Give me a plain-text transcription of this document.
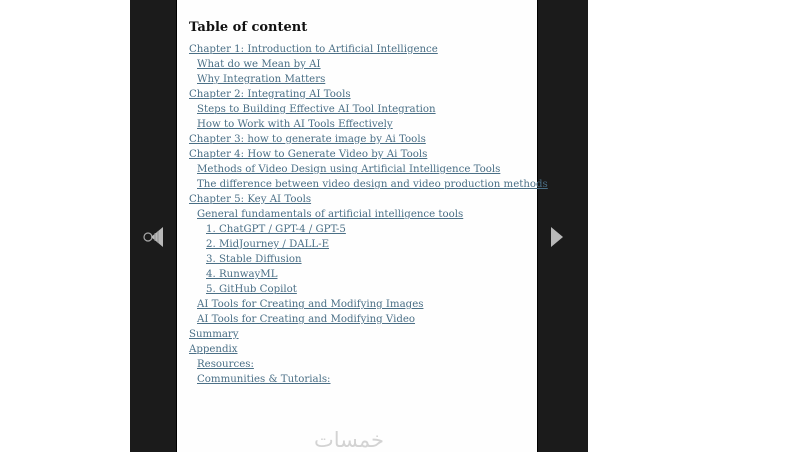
Table of content
Chapter 1: Introduction to Artificial Intelligence
What do we Mean by AI
Why Integration Matters
Chapter 2: Integrating AI Tools
Steps to Building Effective AI Tool Integration
How to Work with AI Tools Effectively
Chapter 3: how to generate image by Ai Tools
Chapter 4: How to Generate Video by Ai Tools
Methods of Video Design using Artificial Intelligence Tools
The difference between video design and video production methods
Chapter 5: Key AI Tools
General fundamentals of artificial intelligence tools
1. ChatGPT / GPT-4 / GPT-5
2. MidJourney / DALL-E
3. Stable Diffusion
4. RunwayML
5. GitHub Copilot
AI Tools for Creating and Modifying Images
AI Tools for Creating and Modifying Video
Summary
Appendix
Resources:
Communities & Tutorials:
خمسات
